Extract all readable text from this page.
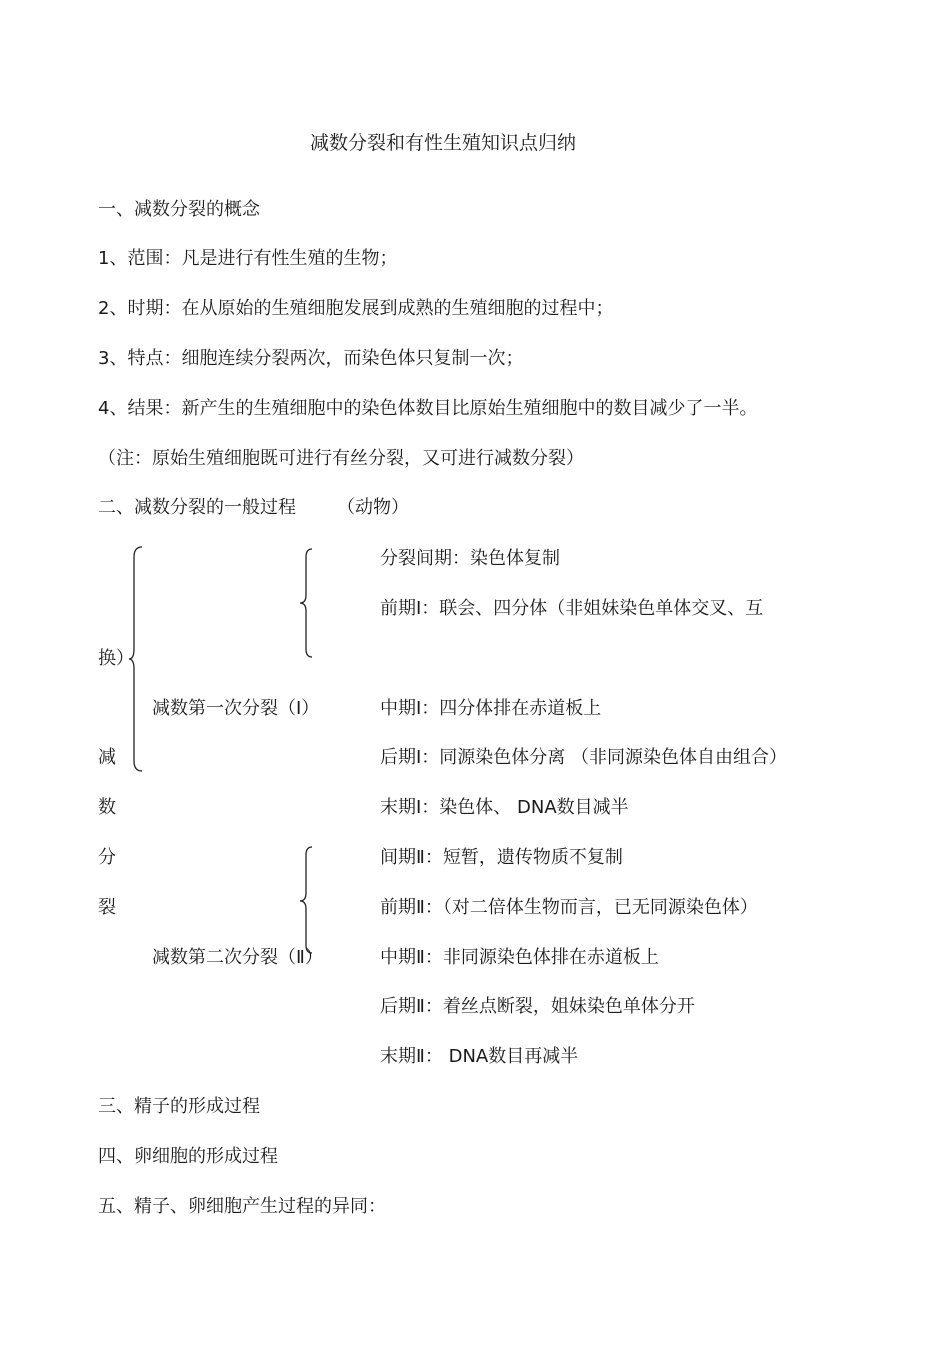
减数分裂和有性生殖知识点归纳
一、减数分裂的概念
1、范围：凡是进行有性生殖的生物；
2、时期：在从原始的生殖细胞发展到成熟的生殖细胞的过程中；
3、特点：细胞连续分裂两次，而染色体只复制一次；
4、结果：新产生的生殖细胞中的染色体数目比原始生殖细胞中的数目减少了一半。
（注：原始生殖细胞既可进行有丝分裂，又可进行减数分裂）
二、减数分裂的一般过程 （动物）
换）
减
数
分
裂
减数第一次分裂（Ⅰ）
减数第二次分裂（Ⅱ）
分裂间期：染色体复制
前期Ⅰ：联会、四分体（非姐妹染色单体交叉、互
中期Ⅰ：四分体排在赤道板上
后期Ⅰ：同源染色体分离 （非同源染色体自由组合）
末期Ⅰ：染色体、 DNA数目减半
间期Ⅱ：短暂，遗传物质不复制
前期Ⅱ：（对二倍体生物而言，已无同源染色体）
中期Ⅱ：非同源染色体排在赤道板上
后期Ⅱ：着丝点断裂，姐妹染色单体分开
末期Ⅱ： DNA数目再减半
三、精子的形成过程
四、卵细胞的形成过程
五、精子、卵细胞产生过程的异同：
